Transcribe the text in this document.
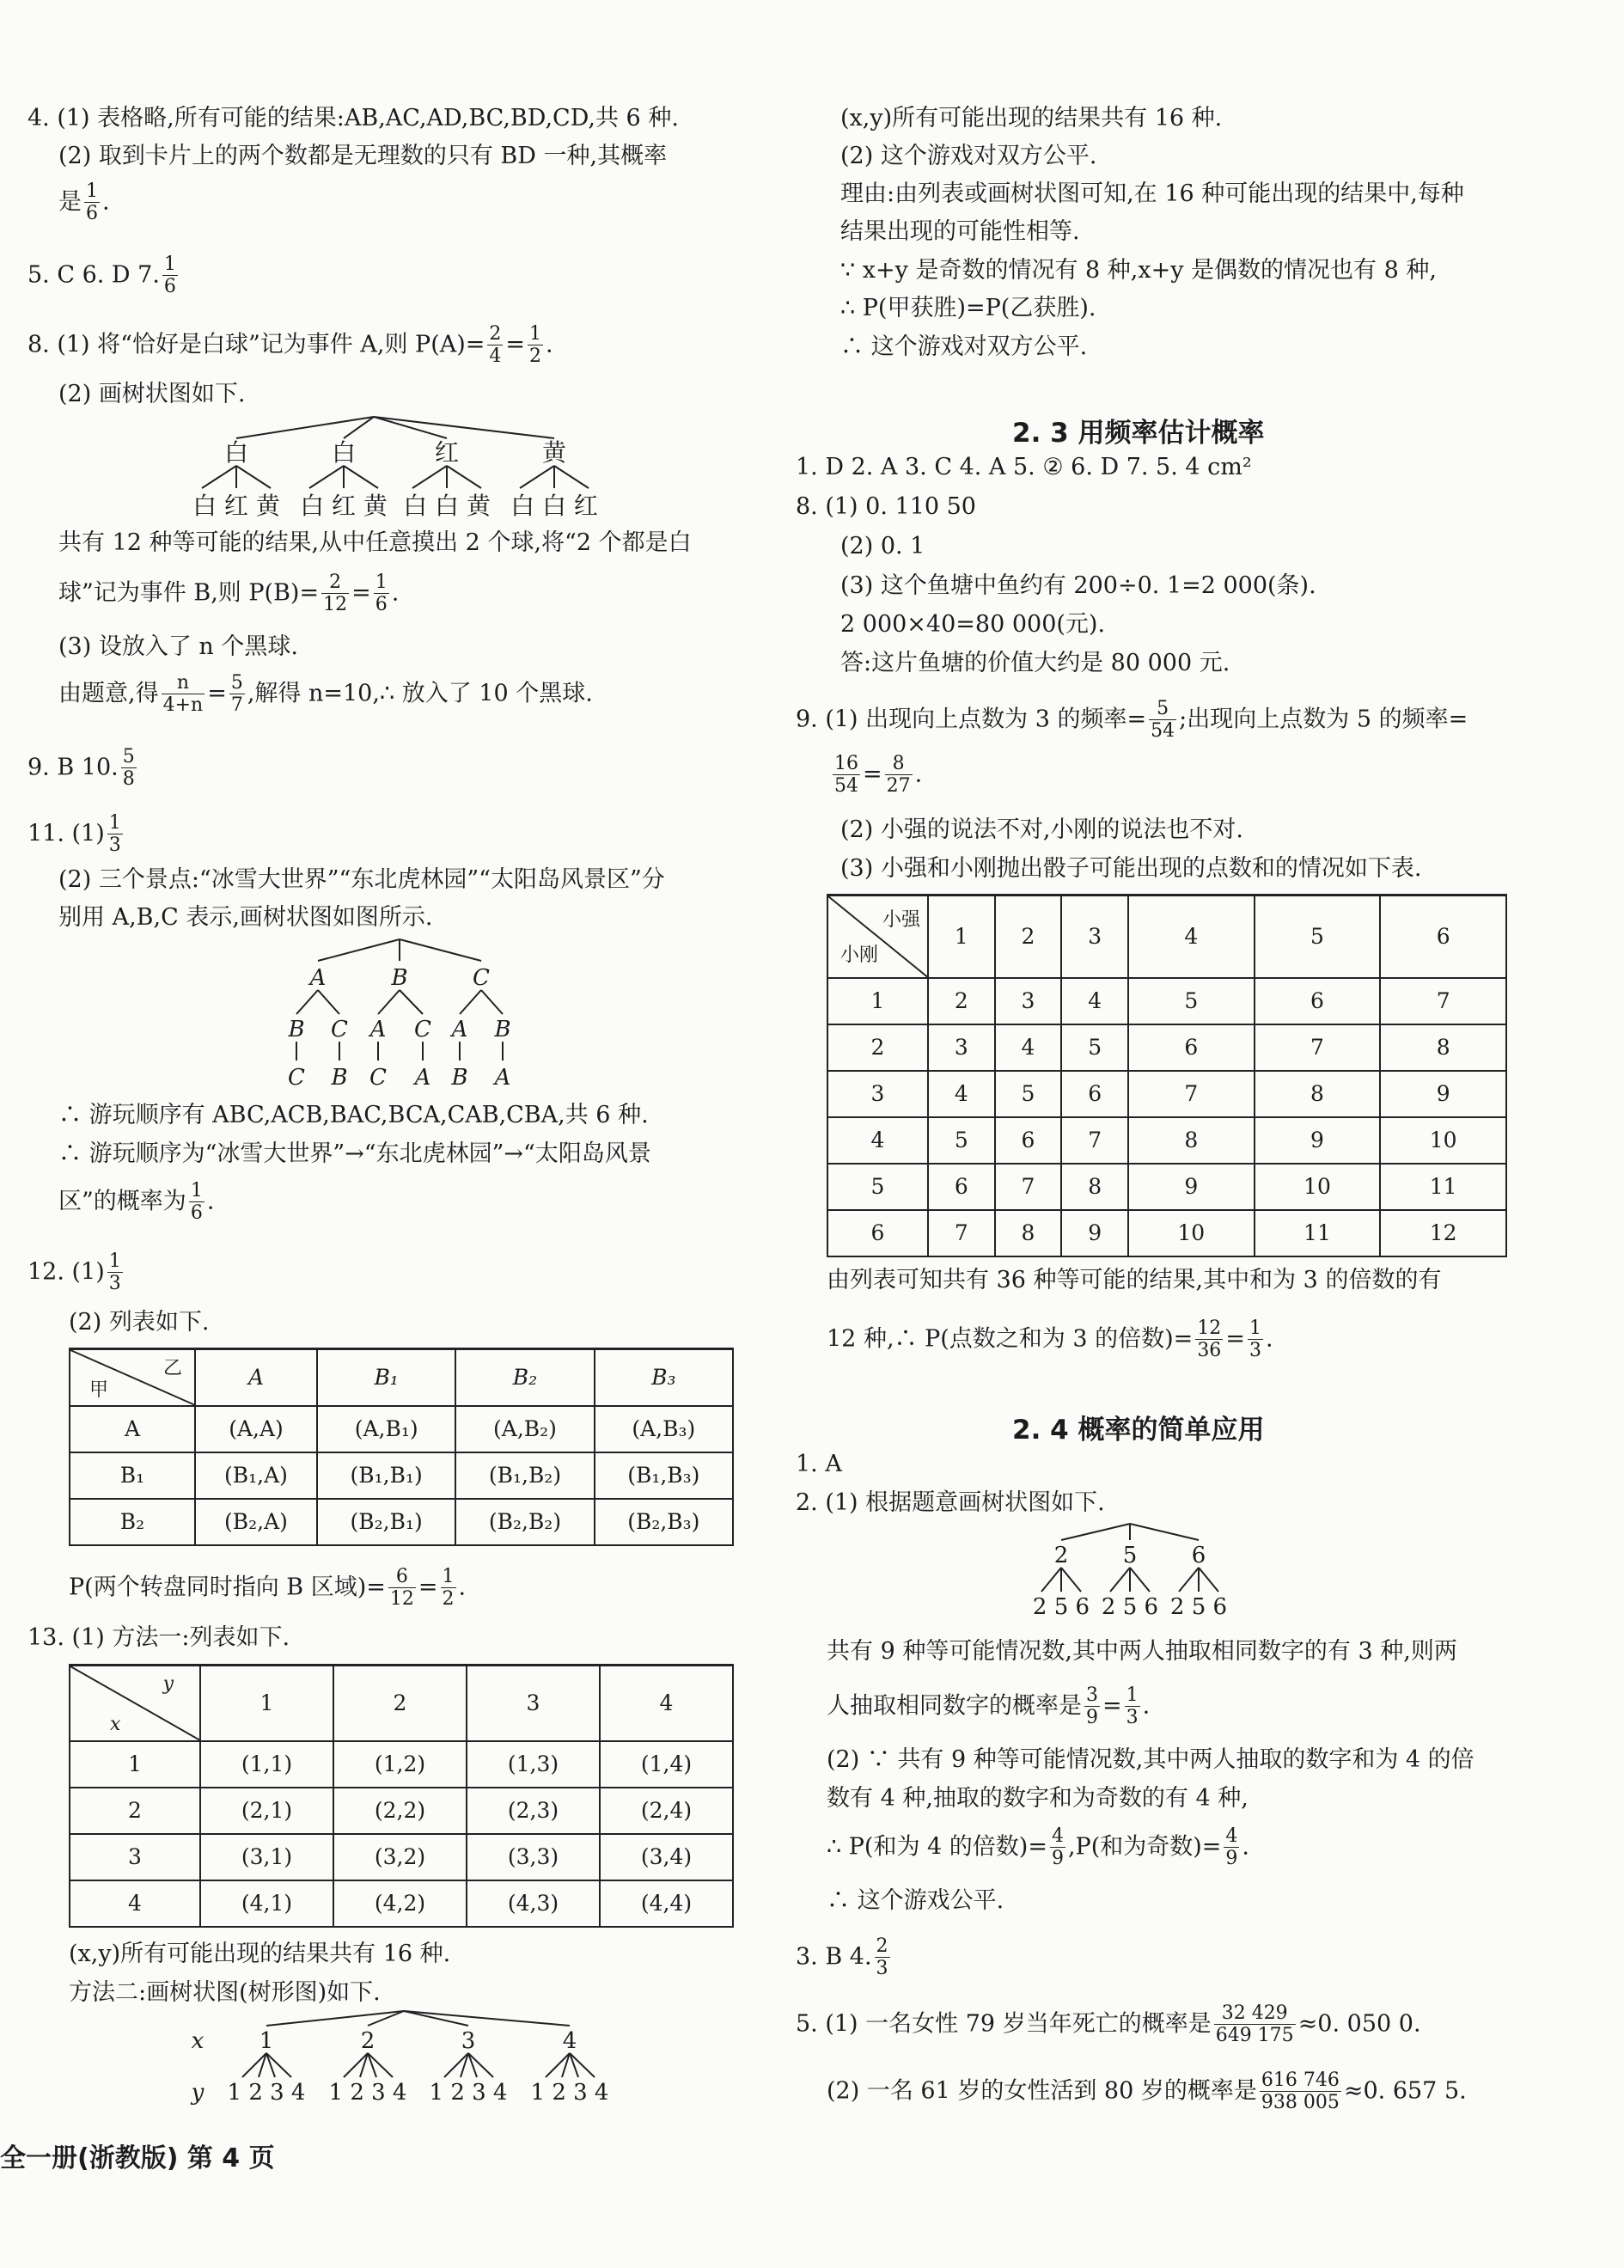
4. (1) 表格略,所有可能的结果:AB,AC,AD,BC,BD,CD,共 6 种.
(2) 取到卡片上的两个数都是无理数的只有 BD 一种,其概率
是 $\frac{1}{6}$ .
5. C 6. D 7. $\frac{1}{6}$
8. (1) 将“恰好是白球”记为事件 A,则 $P(A)= \frac{2}{4} = \frac{1}{2}$ .
(2) 画树状图如下.
白	白	红	黄
白 红 黄 白 红 黄 白 白 黄 白 白 红
共有 12 种等可能的结果,从中任意摸出 2 个球,将“2 个都是白
球”记为事件 B,则 $P(B)= \frac{2}{12} = \frac{1}{6}$ .
(3) 设放入了 n 个黑球.
由题意,得 $\frac{n}{4+n} = \frac{5}{7}$ ,解得 n=10,∴ 放入了 10 个黑球.
9. B 10. $\frac{5}{8}$
11. $(1) \frac{1}{3}$
(2) 三个景点:“冰雪大世界”“东北虎林园”“太阳岛风景区”分
别用 A,B,C 表示,画树状图如图所示.
A	B	C
B C A C A B
C B C A B A
∴ 游玩顺序有 ABC,ACB,BAC,BCA,CAB,CBA,共 6 种.
∴ 游玩顺序为“冰雪大世界”→“东北虎林园”→“太阳岛风景
区”的概率为 $\frac{1}{6}$ .
12. $(1) \frac{1}{3}$
(2) 列表如下.
乙
甲	A	B₁	B₂	B₃
A	(A,A)	(A,B₁)	(A,B₂)	(A,B₃)
B₁	(B₁,A)	(B₁,B₁)	(B₁,B₂)	(B₁,B₃)
B₂	(B₂,A)	(B₂,B₁)	(B₂,B₂)	(B₂,B₃)
P(两个转盘同时指向 B 区域)= $\frac{6}{12} = \frac{1}{2}$ .
13. (1) 方法一:列表如下.
y
x	1	2	3	4
1	(1,1)	(1,2)	(1,3)	(1,4)
2	(2,1)	(2,2)	(2,3)	(2,4)
3	(3,1)	(3,2)	(3,3)	(3,4)
4	(4,1)	(4,2)	(4,3)	(4,4)
(x,y)所有可能出现的结果共有 16 种.
方法二:画树状图(树形图)如下.
x
y
1	2	3	4
1 2 3 4 1 2 3 4 1 2 3 4 1 2 3 4
(x,y)所有可能出现的结果共有 16 种.
(2) 这个游戏对双方公平.
理由:由列表或画树状图可知,在 16 种可能出现的结果中,每种
结果出现的可能性相等.
∵ x+y 是奇数的情况有 8 种,x+y 是偶数的情况也有 8 种,
∴ P(甲获胜)=P(乙获胜).
∴ 这个游戏对双方公平.
2. 3 用频率估计概率
1. D 2. A 3. C 4. A 5. ② 6. D 7. 5. 4 cm²
8. (1) 0. 110 50
(2) 0. 1
(3) 这个鱼塘中鱼约有 200÷0. 1=2 000(条).
2 000×40=80 000(元).
答:这片鱼塘的价值大约是 80 000 元.
9. (1) 出现向上点数为 3 的频率= $\frac{5}{54}$ ;出现向上点数为 5 的频率=
$\frac{16}{54} = \frac{8}{27}$ .
(2) 小强的说法不对,小刚的说法也不对.
(3) 小强和小刚抛出骰子可能出现的点数和的情况如下表.
小强
小刚	1	2	3	4	5	6
1	2	3	4	5	6	7
2	3	4	5	6	7	8
3	4	5	6	7	8	9
4	5	6	7	8	9	10
5	6	7	8	9	10	11
6	7	8	9	10	11	12
由列表可知共有 36 种等可能的结果,其中和为 3 的倍数的有
12 种,∴ P(点数之和为 3 的倍数)= $\frac{12}{36} = \frac{1}{3}$ .
2. 4 概率的简单应用
1. A
2. (1) 根据题意画树状图如下.
2 5 6
2 5 6 2 5 6 2 5 6
共有 9 种等可能情况数,其中两人抽取相同数字的有 3 种,则两
人抽取相同数字的概率是 $\frac{3}{9} = \frac{1}{3}$ .
(2) ∵ 共有 9 种等可能情况数,其中两人抽取的数字和为 4 的倍
数有 4 种,抽取的数字和为奇数的有 4 种,
∴ P(和为 4 的倍数)= $\frac{4}{9} ,P$(和为奇数)= $\frac{4}{9}$ .
∴ 这个游戏公平.
3. B 4. $\frac{2}{3}$
5. (1) 一名女性 79 岁当年死亡的概率是 $\frac{32 429}{649 175} \approx 0$. 050 0.
(2) 一名 61 岁的女性活到 80 岁的概率是 $\frac{616 746}{938 005} \approx 0$. 657 5.
全一册(浙教版) 第 4 页
